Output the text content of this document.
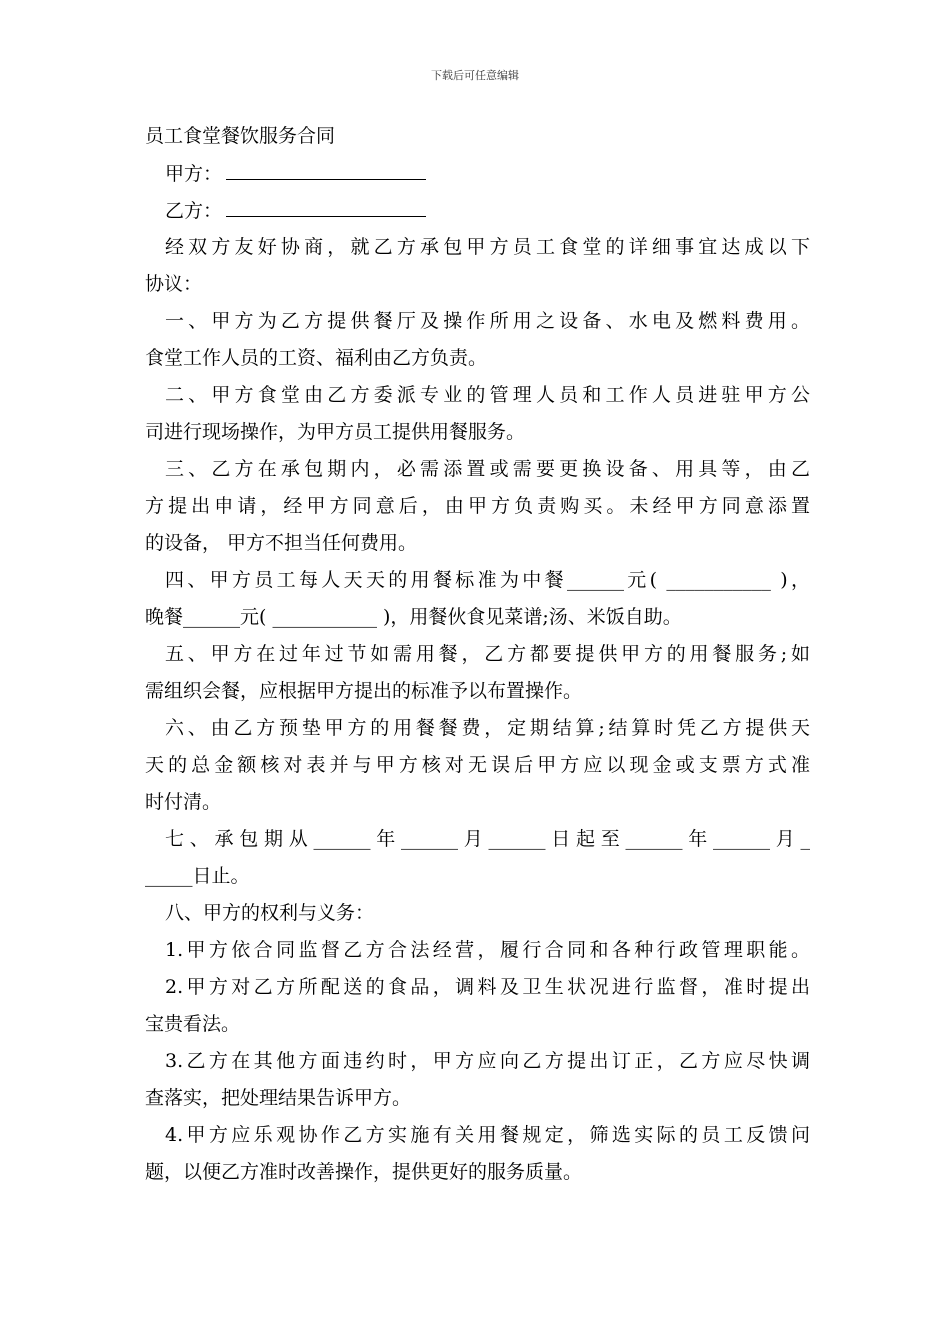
下载后可任意编辑
员工食堂餐饮服务合同
甲方：
乙方：
经双方友好协商，就乙方承包甲方员工食堂的详细事宜达成以下
协议：
一、甲方为乙方提供餐厅及操作所用之设备、水电及燃料费用。
食堂工作人员的工资、福利由乙方负责。
二、甲方食堂由乙方委派专业的管理人员和工作人员进驻甲方公
司进行现场操作，为甲方员工提供用餐服务。
三、乙方在承包期内，必需添置或需要更换设备、用具等，由乙
方提出申请，经甲方同意后，由甲方负责购买。未经甲方同意添置
的设备， 甲方不担当任何费用。
四、甲方员工每人天天的用餐标准为中餐______元( ___________ )，
晚餐______元( ___________ )，用餐伙食见菜谱;汤、米饭自助。
五、甲方在过年过节如需用餐，乙方都要提供甲方的用餐服务;如
需组织会餐，应根据甲方提出的标准予以布置操作。
六、由乙方预垫甲方的用餐餐费，定期结算;结算时凭乙方提供天
天的总金额核对表并与甲方核对无误后甲方应以现金或支票方式准
时付清。
七、承包期从______年______月______日起至______年______月_
_____日止。
八、甲方的权利与义务：
1.甲方依合同监督乙方合法经营，履行合同和各种行政管理职能。
2.甲方对乙方所配送的食品，调料及卫生状况进行监督，准时提出
宝贵看法。
3.乙方在其他方面违约时，甲方应向乙方提出订正，乙方应尽快调
查落实，把处理结果告诉甲方。
4.甲方应乐观协作乙方实施有关用餐规定，筛选实际的员工反馈问
题，以便乙方准时改善操作，提供更好的服务质量。
